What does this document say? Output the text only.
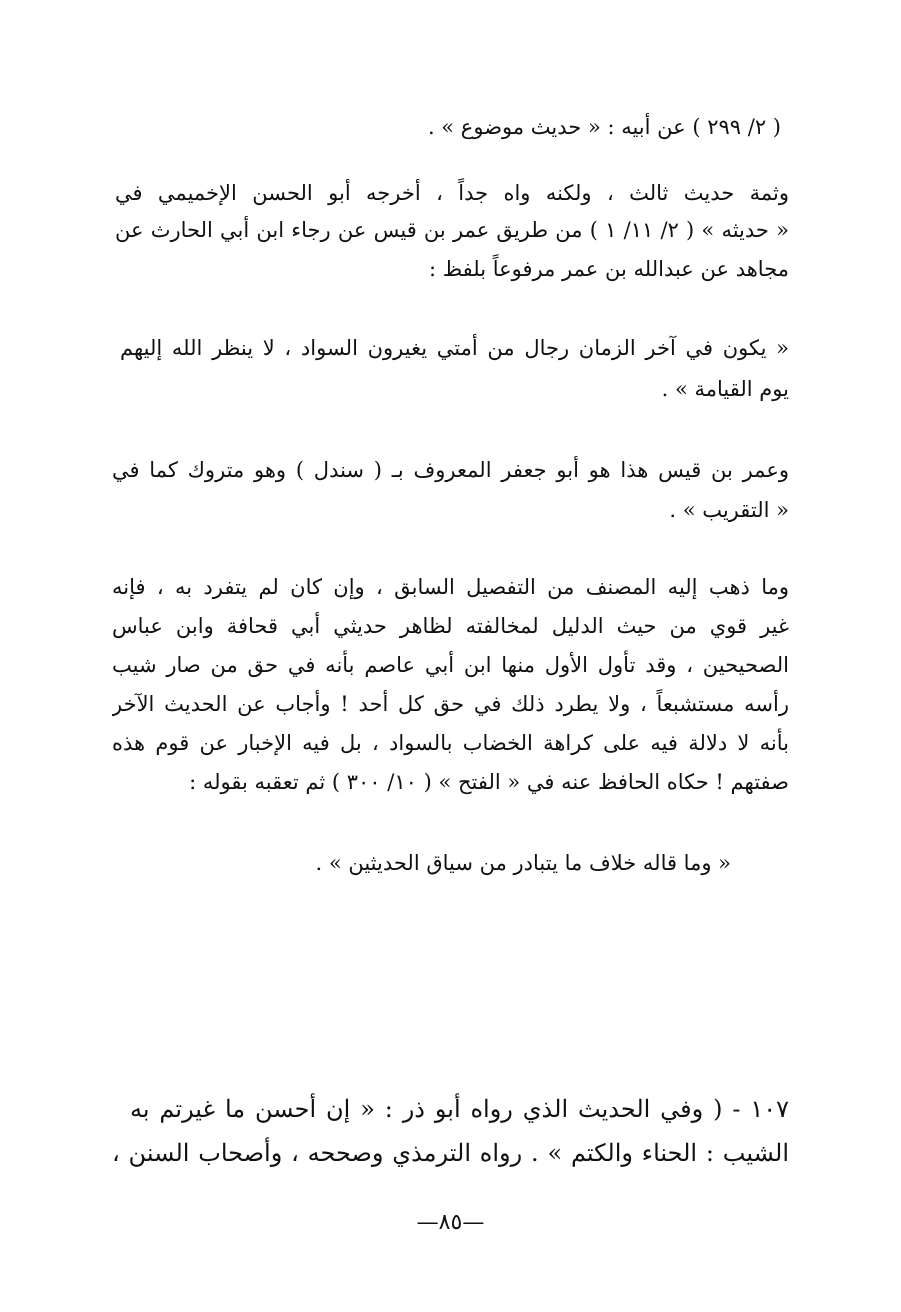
( ٢/ ٢٩٩ ) عن أبيه : « حديث موضوع » .
وثمة حديث ثالث ، ولكنه واه جداً ، أخرجه أبو الحسن الإخميمي في
« حديثه » ( ٢/ ١١/ ١ ) من طريق عمر بن قيس عن رجاء ابن أبي الحارث عن
مجاهد عن عبدالله بن عمر مرفوعاً بلفظ :
« يكون في آخر الزمان رجال من أمتي يغيرون السواد ، لا ينظر الله إليهم
يوم القيامة » .
وعمر بن قيس هذا هو أبو جعفر المعروف بـ ( سندل ) وهو متروك كما في
« التقريب » .
وما ذهب إليه المصنف من التفصيل السابق ، وإن كان لم يتفرد به ، فإنه
غير قوي من حيث الدليل لمخالفته لظاهر حديثي أبي قحافة وابن عباس
الصحيحين ، وقد تأول الأول منها ابن أبي عاصم بأنه في حق من صار شيب
رأسه مستشبعاً ، ولا يطرد ذلك في حق كل أحد ! وأجاب عن الحديث الآخر
بأنه لا دلالة فيه على كراهة الخضاب بالسواد ، بل فيه الإخبار عن قوم هذه
صفتهم ! حكاه الحافظ عنه في « الفتح » ( ١٠/ ٣٠٠ ) ثم تعقبه بقوله :
« وما قاله خلاف ما يتبادر من سياق الحديثين » .
١٠٧ - ( وفي الحديث الذي رواه أبو ذر : « إن أحسن ما غيرتم به
الشيب : الحناء والكتم » . رواه الترمذي وصححه ، وأصحاب السنن ،
—٨٥—
